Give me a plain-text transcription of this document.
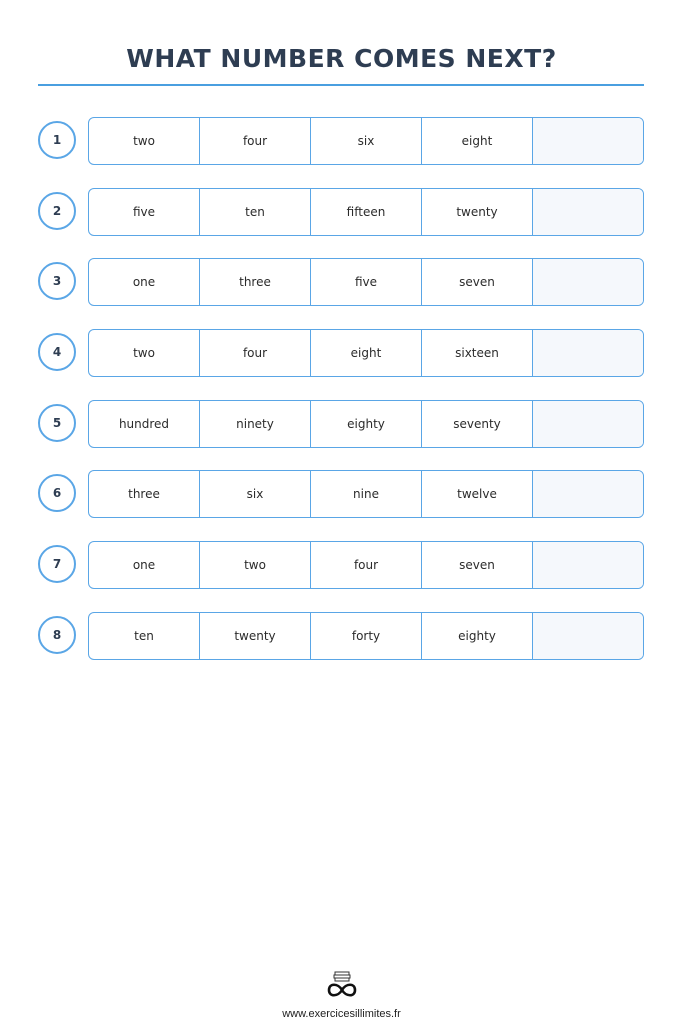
WHAT NUMBER COMES NEXT?
1	two	four	six	eight
2	five	ten	fifteen	twenty
3	one	three	five	seven
4	two	four	eight	sixteen
5	hundred	ninety	eighty	seventy
6	three	six	nine	twelve
7	one	two	four	seven
8	ten	twenty	forty	eighty
www.exercicesillimites.fr
